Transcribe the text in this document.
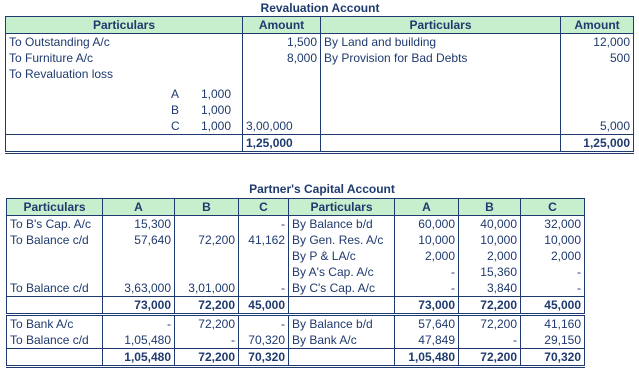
Revaluation Account
Particulars	Amount	Particulars	Amount
To Outstanding A/c	1,500	By Land and building	12,000
To Furniture A/c	8,000	By Provision for Bad Debts	500
To Revaluation loss			

A 1,000			
B 1,000			
C 1,000	3,00,000		5,000
	1,25,000		1,25,000
Partner's Capital Account
Particulars	A	B	C	Particulars	A	B	C
To B's Cap. A/c	15,300		-	By Balance b/d	60,000	40,000	32,000
To Balance c/d	57,640	72,200	41,162	By Gen. Res. A/c	10,000	10,000	10,000
				By P & LA/c	2,000	2,000	2,000
				By A's Cap. A/c	-	15,360	-
To Balance c/d	3,63,000	3,01,000	-	By C's Cap. A/c	-	3,840	-
	73,000	72,200	45,000		73,000	72,200	45,000
To Bank A/c	-	72,200	-	By Balance b/d	57,640	72,200	41,160
To Balance c/d	1,05,480	-	70,320	By Bank A/c	47,849	-	29,150
	1,05,480	72,200	70,320		1,05,480	72,200	70,320
